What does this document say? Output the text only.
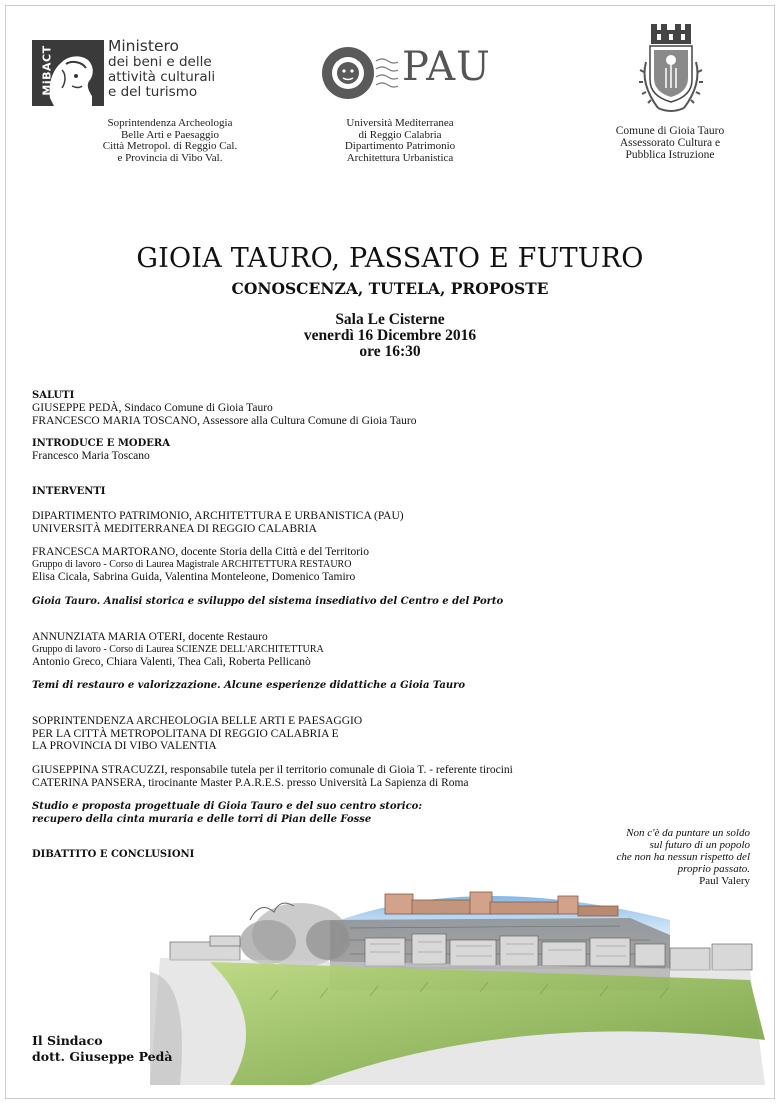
MiBACT	Ministero
dei beni e delle
attività culturali
e del turismo
Soprintendenza Archeologia
Belle Arti e Paesaggio
Città Metropol. di Reggio Cal.
e Provincia di Vibo Val.
PAU
Università Mediterranea
di Reggio Calabria
Dipartimento Patrimonio
Architettura Urbanistica
Comune di Gioia Tauro
Assessorato Cultura e
Pubblica Istruzione
GIOIA TAURO, PASSATO E FUTURO
CONOSCENZA, TUTELA, PROPOSTE
Sala Le Cisterne
venerdì 16 Dicembre 2016
ore 16:30
SALUTI
GIUSEPPE PEDÀ, Sindaco Comune di Gioia Tauro
FRANCESCO MARIA TOSCANO, Assessore alla Cultura Comune di Gioia Tauro
INTRODUCE E MODERA
Francesco Maria Toscano
INTERVENTI
DIPARTIMENTO PATRIMONIO, ARCHITETTURA E URBANISTICA (PAU)
UNIVERSITÀ MEDITERRANEA DI REGGIO CALABRIA
FRANCESCA MARTORANO, docente Storia della Città e del Territorio
Gruppo di lavoro - Corso di Laurea Magistrale ARCHITETTURA RESTAURO
Elisa Cicala, Sabrina Guida, Valentina Monteleone, Domenico Tamiro
Gioia Tauro. Analisi storica e sviluppo del sistema insediativo del Centro e del Porto
ANNUNZIATA MARIA OTERI, docente Restauro
Gruppo di lavoro - Corso di Laurea SCIENZE DELL'ARCHITETTURA
Antonio Greco, Chiara Valenti, Thea Calì, Roberta Pellicanò
Temi di restauro e valorizzazione. Alcune esperienze didattiche a Gioia Tauro
SOPRINTENDENZA ARCHEOLOGIA BELLE ARTI E PAESAGGIO
PER LA CITTÀ METROPOLITANA DI REGGIO CALABRIA E
LA PROVINCIA DI VIBO VALENTIA
GIUSEPPINA STRACUZZI, responsabile tutela per il territorio comunale di Gioia T. - referente tirocini
CATERINA PANSERA, tirocinante Master P.A.R.E.S. presso Università La Sapienza di Roma
Studio e proposta progettuale di Gioia Tauro e del suo centro storico:
recupero della cinta muraria e delle torri di Pian delle Fosse
DIBATTITO E CONCLUSIONI
Non c'è da puntare un soldo
sul futuro di un popolo
che non ha nessun rispetto del
proprio passato.
Paul Valery
Il Sindaco
dott. Giuseppe Pedà
